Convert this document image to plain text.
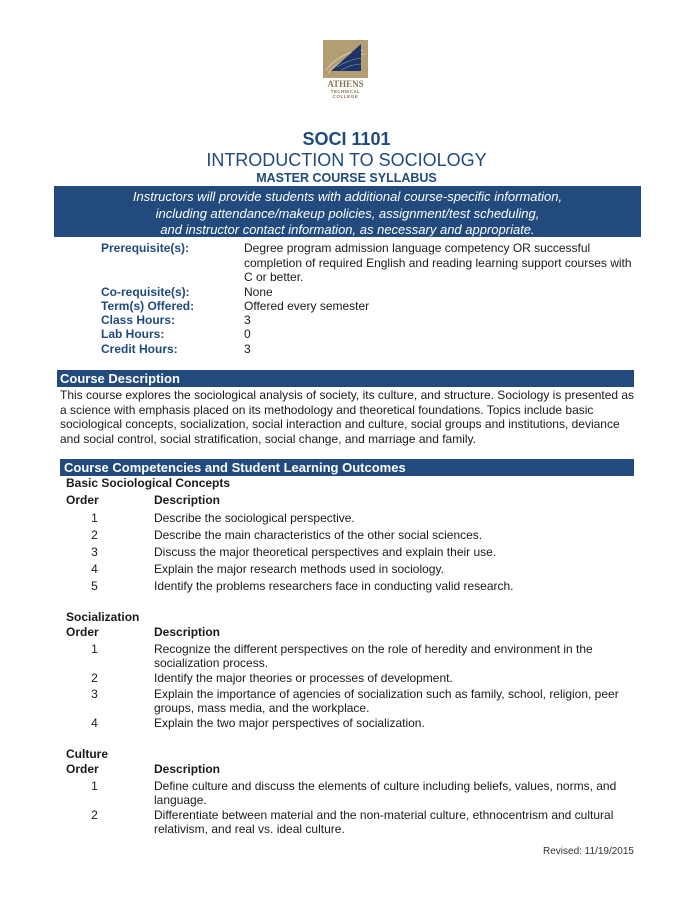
ATHENS
TECHNICAL
COLLEGE
SOCI 1101
INTRODUCTION TO SOCIOLOGY
MASTER COURSE SYLLABUS
Instructors will provide students with additional course-specific information,
including attendance/makeup policies, assignment/test scheduling,
and instructor contact information, as necessary and appropriate.
Prerequisite(s):	Degree program admission language competency OR successful completion of required English and reading learning support courses with C or better.
Co-requisite(s):	None
Term(s) Offered:	Offered every semester
Class Hours:	3
Lab Hours:	0
Credit Hours:	3
Course Description
This course explores the sociological analysis of society, its culture, and structure. Sociology is presented as a science with emphasis placed on its methodology and theoretical foundations. Topics include basic sociological concepts, socialization, social interaction and culture, social groups and institutions, deviance and social control, social stratification, social change, and marriage and family.
Course Competencies and Student Learning Outcomes
Basic Sociological Concepts
Order	Description
1	Describe the sociological perspective.
2	Describe the main characteristics of the other social sciences.
3	Discuss the major theoretical perspectives and explain their use.
4	Explain the major research methods used in sociology.
5	Identify the problems researchers face in conducting valid research.
Socialization
Order	Description
1	Recognize the different perspectives on the role of heredity and environment in the socialization process.
2	Identify the major theories or processes of development.
3	Explain the importance of agencies of socialization such as family, school, religion, peer groups, mass media, and the workplace.
4	Explain the two major perspectives of socialization.
Culture
Order	Description
1	Define culture and discuss the elements of culture including beliefs, values, norms, and language.
2	Differentiate between material and the non-material culture, ethnocentrism and cultural relativism, and real vs. ideal culture.
Revised: 11/19/2015
